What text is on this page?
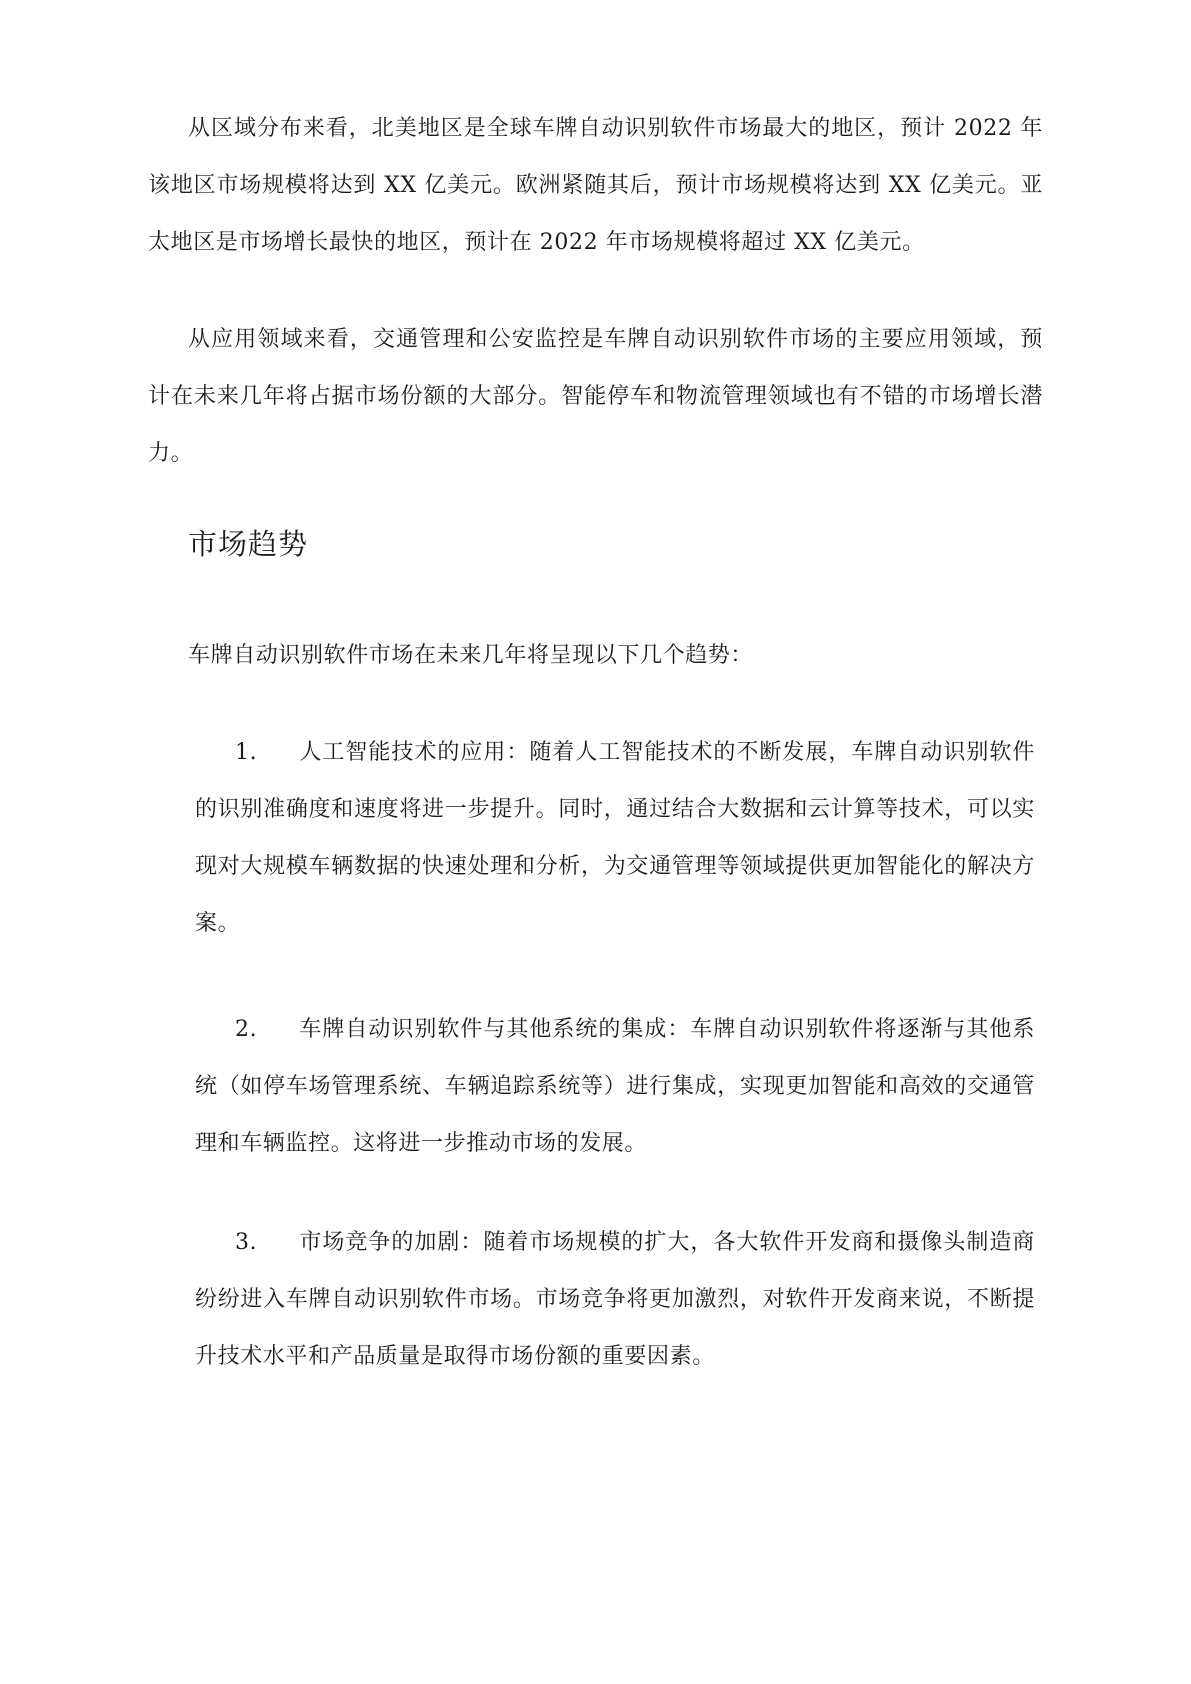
从区域分布来看，北美地区是全球车牌自动识别软件市场最大的地区，预计 2022 年该地区市场规模将达到 XX 亿美元。欧洲紧随其后，预计市场规模将达到 XX 亿美元。亚太地区是市场增长最快的地区，预计在 2022 年市场规模将超过 XX 亿美元。

从应用领域来看，交通管理和公安监控是车牌自动识别软件市场的主要应用领域，预计在未来几年将占据市场份额的大部分。智能停车和物流管理领域也有不错的市场增长潜力。

市场趋势

车牌自动识别软件市场在未来几年将呈现以下几个趋势：

1. 人工智能技术的应用：随着人工智能技术的不断发展，车牌自动识别软件的识别准确度和速度将进一步提升。同时，通过结合大数据和云计算等技术，可以实现对大规模车辆数据的快速处理和分析，为交通管理等领域提供更加智能化的解决方案。

2. 车牌自动识别软件与其他系统的集成：车牌自动识别软件将逐渐与其他系统（如停车场管理系统、车辆追踪系统等）进行集成，实现更加智能和高效的交通管理和车辆监控。这将进一步推动市场的发展。

3. 市场竞争的加剧：随着市场规模的扩大，各大软件开发商和摄像头制造商纷纷进入车牌自动识别软件市场。市场竞争将更加激烈，对软件开发商来说，不断提升技术水平和产品质量是取得市场份额的重要因素。
